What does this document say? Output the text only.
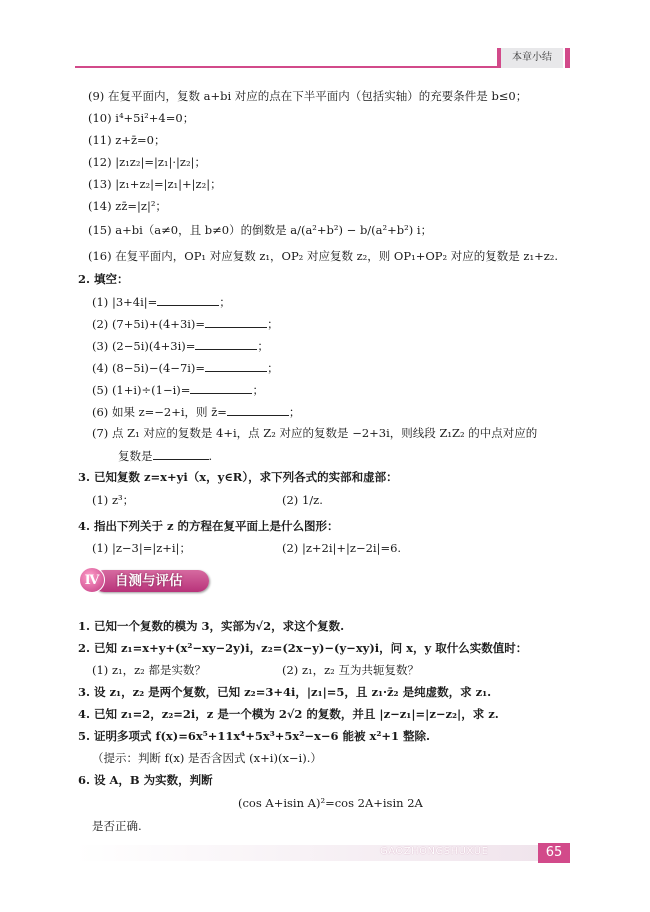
本章小结
(9) 在复平面内，复数 a+bi 对应的点在下半平面内（包括实轴）的充要条件是 b≤0；
(10) i⁴+5i²+4=0；
(11) z+z̄=0；
(12) |z₁z₂|=|z₁|·|z₂|；
(13) |z₁+z₂|=|z₁|+|z₂|；
(14) zz̄=|z|²；
(15) a+bi（a≠0，且 b≠0）的倒数是 a/(a²+b²) − b/(a²+b²) i；
(16) 在复平面内，OP₁ 对应复数 z₁，OP₂ 对应复数 z₂，则 OP₁+OP₂ 对应的复数是 z₁+z₂.
2. 填空：
(1) |3+4i|=	；
(2) (7+5i)+(4+3i)=	；
(3) (2−5i)(4+3i)=	；
(4) (8−5i)−(4−7i)=	；
(5) (1+i)÷(1−i)=	；
(6) 如果 z=−2+i，则 z̄=	；
(7) 点 Z₁ 对应的复数是 4+i，点 Z₂ 对应的复数是 −2+3i，则线段 Z₁Z₂ 的中点对应的
复数是	.
3. 已知复数 z=x+yi（x，y∈R），求下列各式的实部和虚部：
(1) z³；	(2) 1/z.
4. 指出下列关于 z 的方程在复平面上是什么图形：
(1) |z−3|=|z+i|；	(2) |z+2i|+|z−2i|=6.
Ⅳ	自测与评估
1. 已知一个复数的模为 3，实部为√2，求这个复数.
2. 已知 z₁=x+y+(x²−xy−2y)i，z₂=(2x−y)−(y−xy)i，问 x，y 取什么实数值时：
(1) z₁，z₂ 都是实数？	(2) z₁，z₂ 互为共轭复数？
3. 设 z₁，z₂ 是两个复数，已知 z₂=3+4i，|z₁|=5，且 z₁·z̄₂ 是纯虚数，求 z₁.
4. 已知 z₁=2，z₂=2i，z 是一个模为 2√2 的复数，并且 |z−z₁|=|z−z₂|，求 z.
5. 证明多项式 f(x)=6x⁵+11x⁴+5x³+5x²−x−6 能被 x²+1 整除.
（提示：判断 f(x) 是否含因式 (x+i)(x−i).）
6. 设 A，B 为实数，判断
(cos A+isin A)²=cos 2A+isin 2A
是否正确.
GAOZHONGSHUXUE	65
